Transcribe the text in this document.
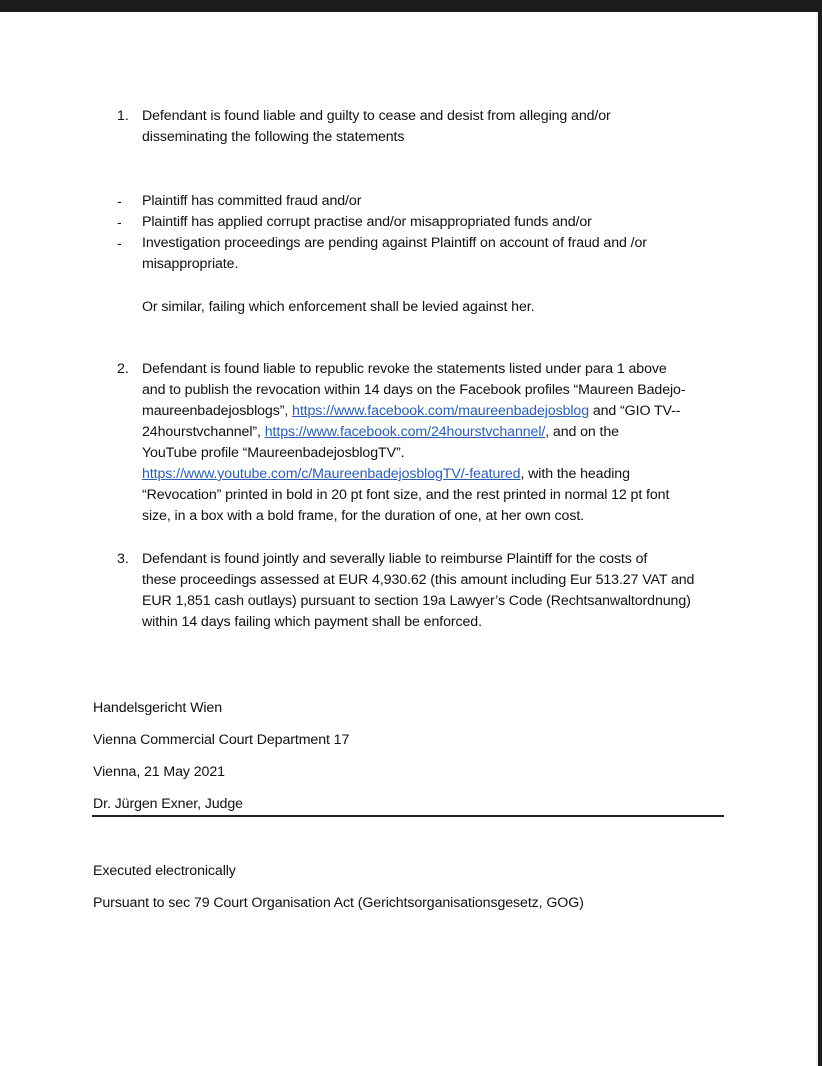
1. Defendant is found liable and guilty to cease and desist from alleging and/or
disseminating the following the statements
- Plaintiff has committed fraud and/or
- Plaintiff has applied corrupt practise and/or misappropriated funds and/or
- Investigation proceedings are pending against Plaintiff on account of fraud and /or
misappropriate.
Or similar, failing which enforcement shall be levied against her.
2. Defendant is found liable to republic revoke the statements listed under para 1 above
and to publish the revocation within 14 days on the Facebook profiles “Maureen Badejo-
maureenbadejosblogs”, https://www.facebook.com/maureenbadejosblog and “GIO TV--
24hourstvchannel”, https://www.facebook.com/24hourstvchannel/, and on the
YouTube profile “MaureenbadejosblogTV”.
https://www.youtube.com/c/MaureenbadejosblogTV/-featured, with the heading
“Revocation” printed in bold in 20 pt font size, and the rest printed in normal 12 pt font
size, in a box with a bold frame, for the duration of one, at her own cost.
3. Defendant is found jointly and severally liable to reimburse Plaintiff for the costs of
these proceedings assessed at EUR 4,930.62 (this amount including Eur 513.27 VAT and
EUR 1,851 cash outlays) pursuant to section 19a Lawyer’s Code (Rechtsanwaltordnung)
within 14 days failing which payment shall be enforced.
Handelsgericht Wien
Vienna Commercial Court Department 17
Vienna, 21 May 2021
Dr. Jürgen Exner, Judge
Executed electronically
Pursuant to sec 79 Court Organisation Act (Gerichtsorganisationsgesetz, GOG)
